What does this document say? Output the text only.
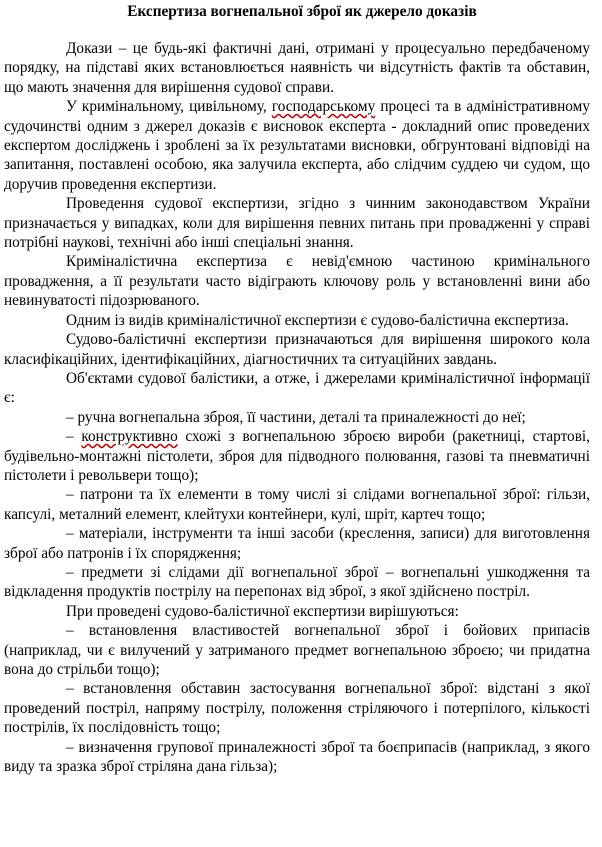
Експертиза вогнепальної зброї як джерело доказів

Докази – це будь-які фактичні дані, отримані у процесуально передбаченому порядку, на підставі яких встановлюється наявність чи відсутність фактів та обставин, що мають значення для вирішення судової справи.

У кримінальному, цивільному, господарському процесі та в адміністративному судочинстві одним з джерел доказів є висновок експерта - докладний опис проведених експертом досліджень і зроблені за їх результатами висновки, обгрунтовані відповіді на запитання, поставлені особою, яка залучила експерта, або слідчим суддею чи судом, що доручив проведення експертизи.

Проведення судової експертизи, згідно з чинним законодавством України призначається у випадках, коли для вирішення певних питань при провадженні у справі потрібні наукові, технічні або інші спеціальні знання.

Криміналістична експертиза є невід'ємною частиною кримінального провадження, а її результати часто відіграють ключову роль у встановленні вини або невинуватості підозрюваного.

Одним із видів криміналістичної експертизи є судово-балістична експертиза.

Судово-балістичні експертизи призначаються для вирішення широкого кола класифікаційних, ідентифікаційних, діагностичних та ситуаційних завдань.

Об'єктами судової балістики, а отже, і джерелами криміналістичної інформації є:

– ручна вогнепальна зброя, її частини, деталі та приналежності до неї;

– конструктивно схожі з вогнепальною зброєю вироби (ракетниці, стартові, будівельно-монтажні пістолети, зброя для підводного полювання, газові та пневматичні пістолети і револьвери тощо);

– патрони та їх елементи в тому числі зі слідами вогнепальної зброї: гільзи, капсулі, металний елемент, клейтухи контейнери, кулі, шріт, картеч тощо;

– матеріали, інструменти та інші засоби (креслення, записи) для виготовлення зброї або патронів і їх спорядження;

– предмети зі слідами дії вогнепальної зброї – вогнепальні ушкодження та відкладення продуктів пострілу на перепонах від зброї, з якої здійснено постріл.

При проведені судово-балістичної експертизи вирішуються:

– встановлення властивостей вогнепальної зброї і бойових припасів (наприклад, чи є вилучений у затриманого предмет вогнепальною зброєю; чи придатна вона до стрільби тощо);

– встановлення обставин застосування вогнепальної зброї: відстані з якої проведений постріл, напряму пострілу, положення стріляючого і потерпілого, кількості пострілів, їх послідовність тощо;

– визначення групової приналежності зброї та боєприпасів (наприклад, з якого виду та зразка зброї стріляна дана гільза);
